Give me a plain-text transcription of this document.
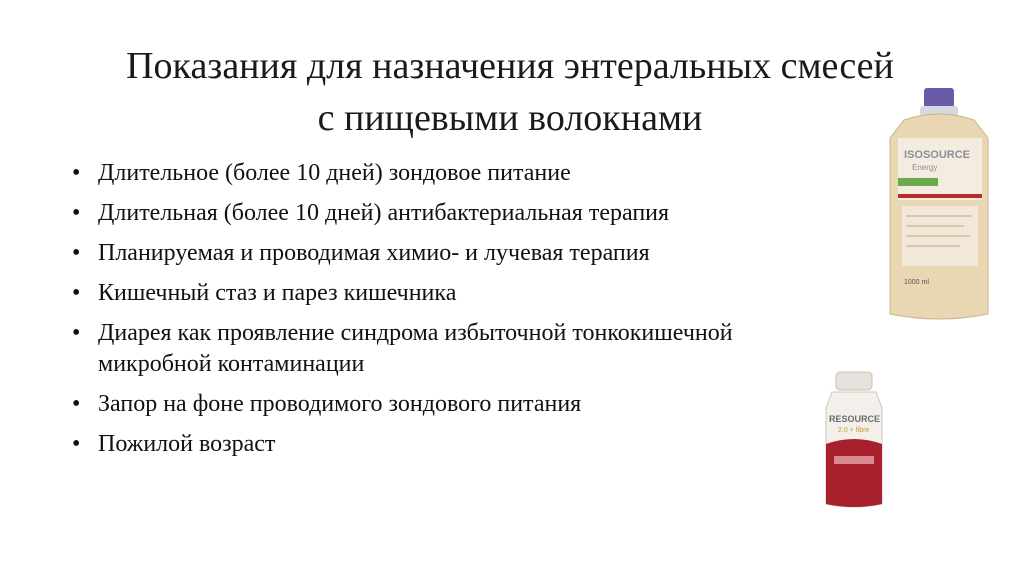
Показания для назначения энтеральных смесей
с пищевыми волокнами
• Длительное (более 10 дней) зондовое питание
• Длительная (более 10 дней) антибактериальная терапия
• Планируемая и проводимая химио- и лучевая терапия
• Кишечный стаз и парез кишечника
• Диарея как проявление синдрома избыточной тонкокишечной микробной контаминации
• Запор на фоне проводимого зондового питания
• Пожилой возраст
ISOSOURCE
Energy
1000 ml
RESOURCE
2.0 + fibre
